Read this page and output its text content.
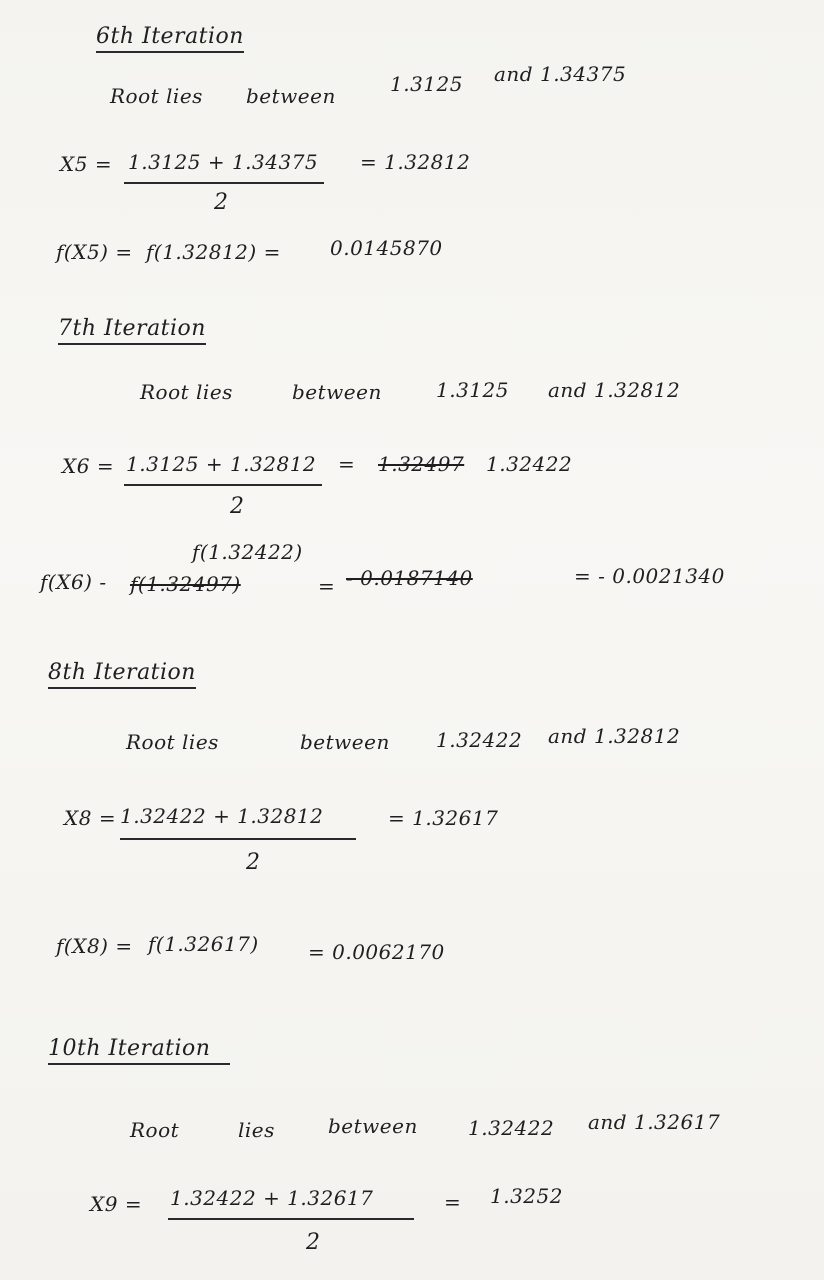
6th Iteration
Root lies between	1.3125 and 1.34375
X5 = 1.3125 + 1.34375
2
= 1.32812
f(X5) = f(1.32812) = 0.0145870
7th Iteration
Root lies	between	1.3125 and 1.32812
X6 = 1.3125 + 1.32812
2
= 1.32497 1.32422
f(1.32422)
f(X6) - f(1.32497)	= - 0.0187140	= - 0.0021340
8th Iteration
Root lies	between 1.32422 and 1.32812
X8 = 1.32422 + 1.32812
2
= 1.32617
f(X8) = f(1.32617) = 0.0062170
10th Iteration
Root	lies	between	1.32422 and 1.32617
X9 = 1.32422 + 1.32617
2
= 1.3252
